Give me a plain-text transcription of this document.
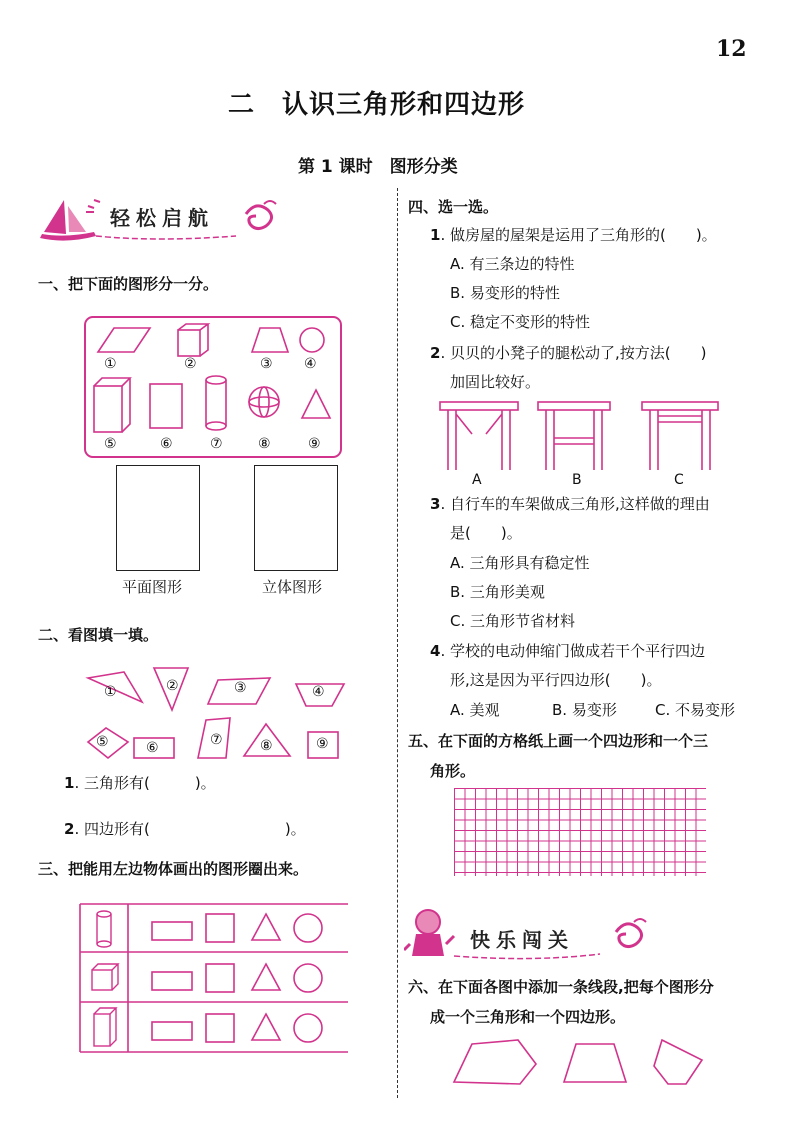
12
二　认识三角形和四边形
第 1 课时　图形分类
轻松启航
一、把下面的图形分一分。
①	②	③ ④
⑤	⑥	⑦	⑧	⑨
平面图形	立体图形
二、看图填一填。
①	②	③	④
⑤	⑥	⑦	⑧	⑨
1. 三角形有(　　　)。
2. 四边形有(　　　　　　　　　)。
三、把能用左边物体画出的图形圈出来。
四、选一选。
1. 做房屋的屋架是运用了三角形的(　　)。
A. 有三条边的特性
B. 易变形的特性
C. 稳定不变形的特性
2. 贝贝的小凳子的腿松动了,按方法(　　)
加固比较好。
A	B	C
3. 自行车的车架做成三角形,这样做的理由
是(　　)。
A. 三角形具有稳定性
B. 三角形美观
C. 三角形节省材料
4. 学校的电动伸缩门做成若干个平行四边
形,这是因为平行四边形(　　)。
A. 美观	B. 易变形	C. 不易变形
五、在下面的方格纸上画一个四边形和一个三
角形。
快乐闯关
六、在下面各图中添加一条线段,把每个图形分
成一个三角形和一个四边形。
